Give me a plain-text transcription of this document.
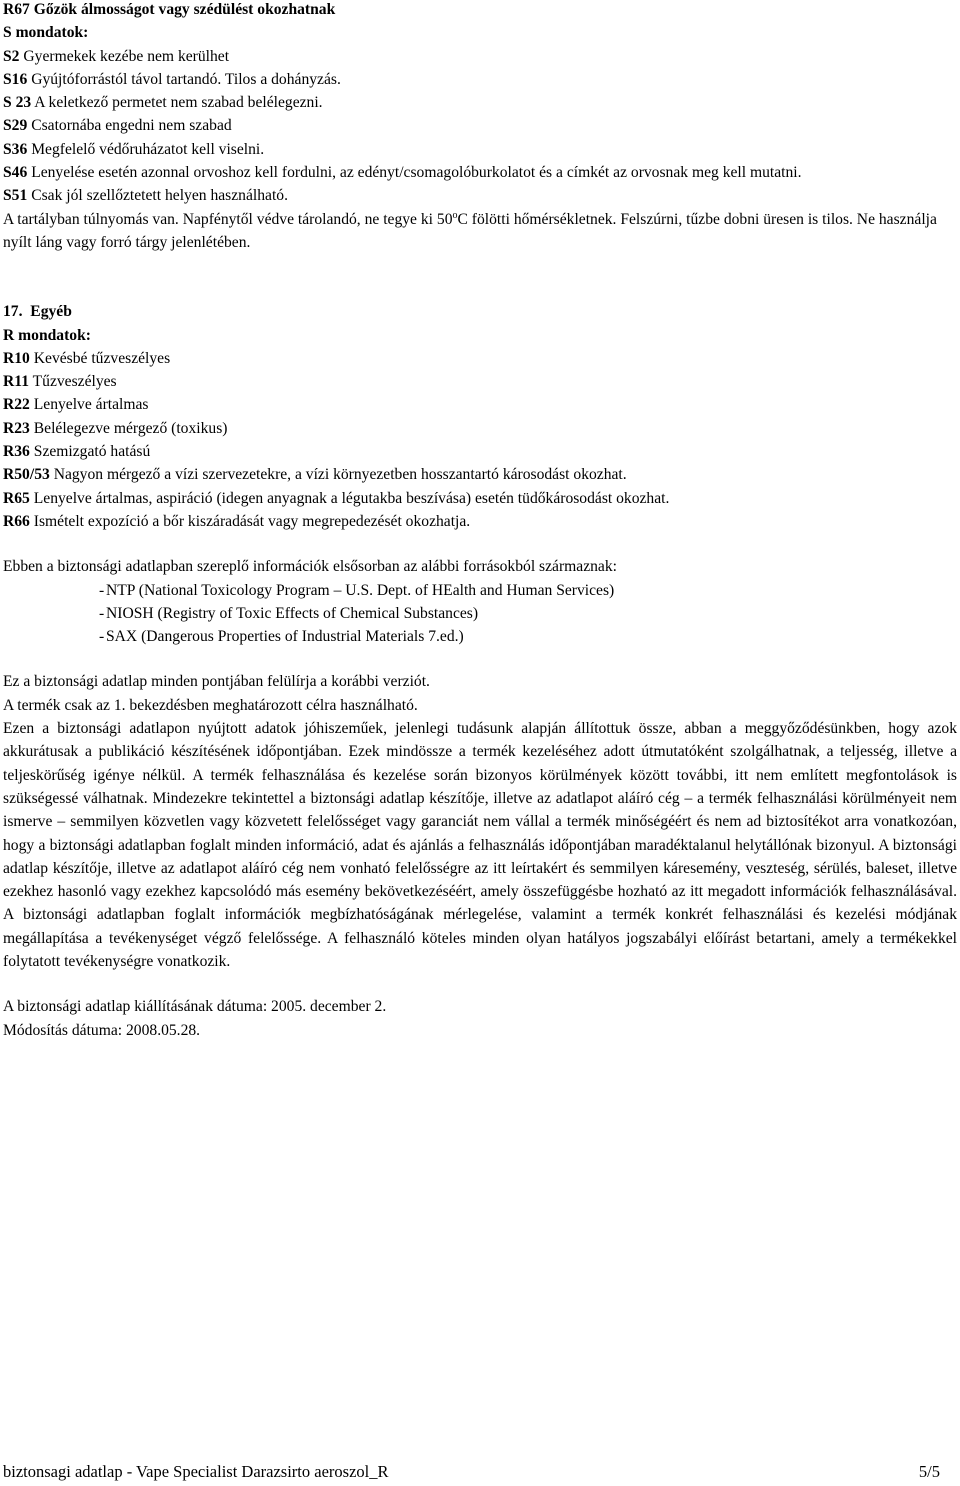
R67 Gőzök álmosságot vagy szédülést okozhatnak
S mondatok:
S2 Gyermekek kezébe nem kerülhet
S16 Gyújtóforrástól távol tartandó. Tilos a dohányzás.
S 23 A keletkező permetet nem szabad belélegezni.
S29 Csatornába engedni nem szabad
S36 Megfelelő védőruházatot kell viselni.
S46 Lenyelése esetén azonnal orvoshoz kell fordulni, az edényt/csomagolóburkolatot és a címkét az orvosnak meg kell mutatni.
S51 Csak jól szellőztetett helyen használható.
A tartályban túlnyomás van. Napfénytől védve tárolandó, ne tegye ki 50$^o$C fölötti hőmérsékletnek. Felszúrni, tűzbe dobni üresen is tilos. Ne használja nyílt láng vagy forró tárgy jelenlétében.
17. Egyéb
R mondatok:
R10 Kevésbé tűzveszélyes
R11 Tűzveszélyes
R22 Lenyelve ártalmas
R23 Belélegezve mérgező (toxikus)
R36 Szemizgató hatású
R50/53 Nagyon mérgező a vízi szervezetekre, a vízi környezetben hosszantartó károsodást okozhat.
R65 Lenyelve ártalmas, aspiráció (idegen anyagnak a légutakba beszívása) esetén tüdőkárosodást okozhat.
R66 Ismételt expozíció a bőr kiszáradását vagy megrepedezését okozhatja.
Ebben a biztonsági adatlapban szereplő információk elsősorban az alábbi forrásokból származnak:
- NTP (National Toxicology Program – U.S. Dept. of HEalth and Human Services)
- NIOSH (Registry of Toxic Effects of Chemical Substances)
- SAX (Dangerous Properties of Industrial Materials 7.ed.)
Ez a biztonsági adatlap minden pontjában felülírja a korábbi verziót.
A termék csak az 1. bekezdésben meghatározott célra használható.
Ezen a biztonsági adatlapon nyújtott adatok jóhiszeműek, jelenlegi tudásunk alapján állítottuk össze, abban a meggyőződésünkben, hogy azok akkurátusak a publikáció készítésének időpontjában. Ezek mindössze a termék kezeléséhez adott útmutatóként szolgálhatnak, a teljesség, illetve a teljeskörűség igénye nélkül. A termék felhasználása és kezelése során bizonyos körülmények között további, itt nem említett megfontolások is szükségessé válhatnak. Mindezekre tekintettel a biztonsági adatlap készítője, illetve az adatlapot aláíró cég – a termék felhasználási körülményeit nem ismerve – semmilyen közvetlen vagy közvetett felelősséget vagy garanciát nem vállal a termék minőségéért és nem ad biztosítékot arra vonatkozóan, hogy a biztonsági adatlapban foglalt minden információ, adat és ajánlás a felhasználás időpontjában maradéktalanul helytállónak bizonyul. A biztonsági adatlap készítője, illetve az adatlapot aláíró cég nem vonható felelősségre az itt leírtakért és semmilyen káresemény, veszteség, sérülés, baleset, illetve ezekhez hasonló vagy ezekhez kapcsolódó más esemény bekövetkezéséért, amely összefüggésbe hozható az itt megadott információk felhasználásával. A biztonsági adatlapban foglalt információk megbízhatóságának mérlegelése, valamint a termék konkrét felhasználási és kezelési módjának megállapítása a tevékenységet végző felelőssége. A felhasználó köteles minden olyan hatályos jogszabályi előírást betartani, amely a termékekkel folytatott tevékenységre vonatkozik.
A biztonsági adatlap kiállításának dátuma: 2005. december 2.
Módosítás dátuma: 2008.05.28.
biztonsagi adatlap - Vape Specialist Darazsirto aeroszol_R	5/5
